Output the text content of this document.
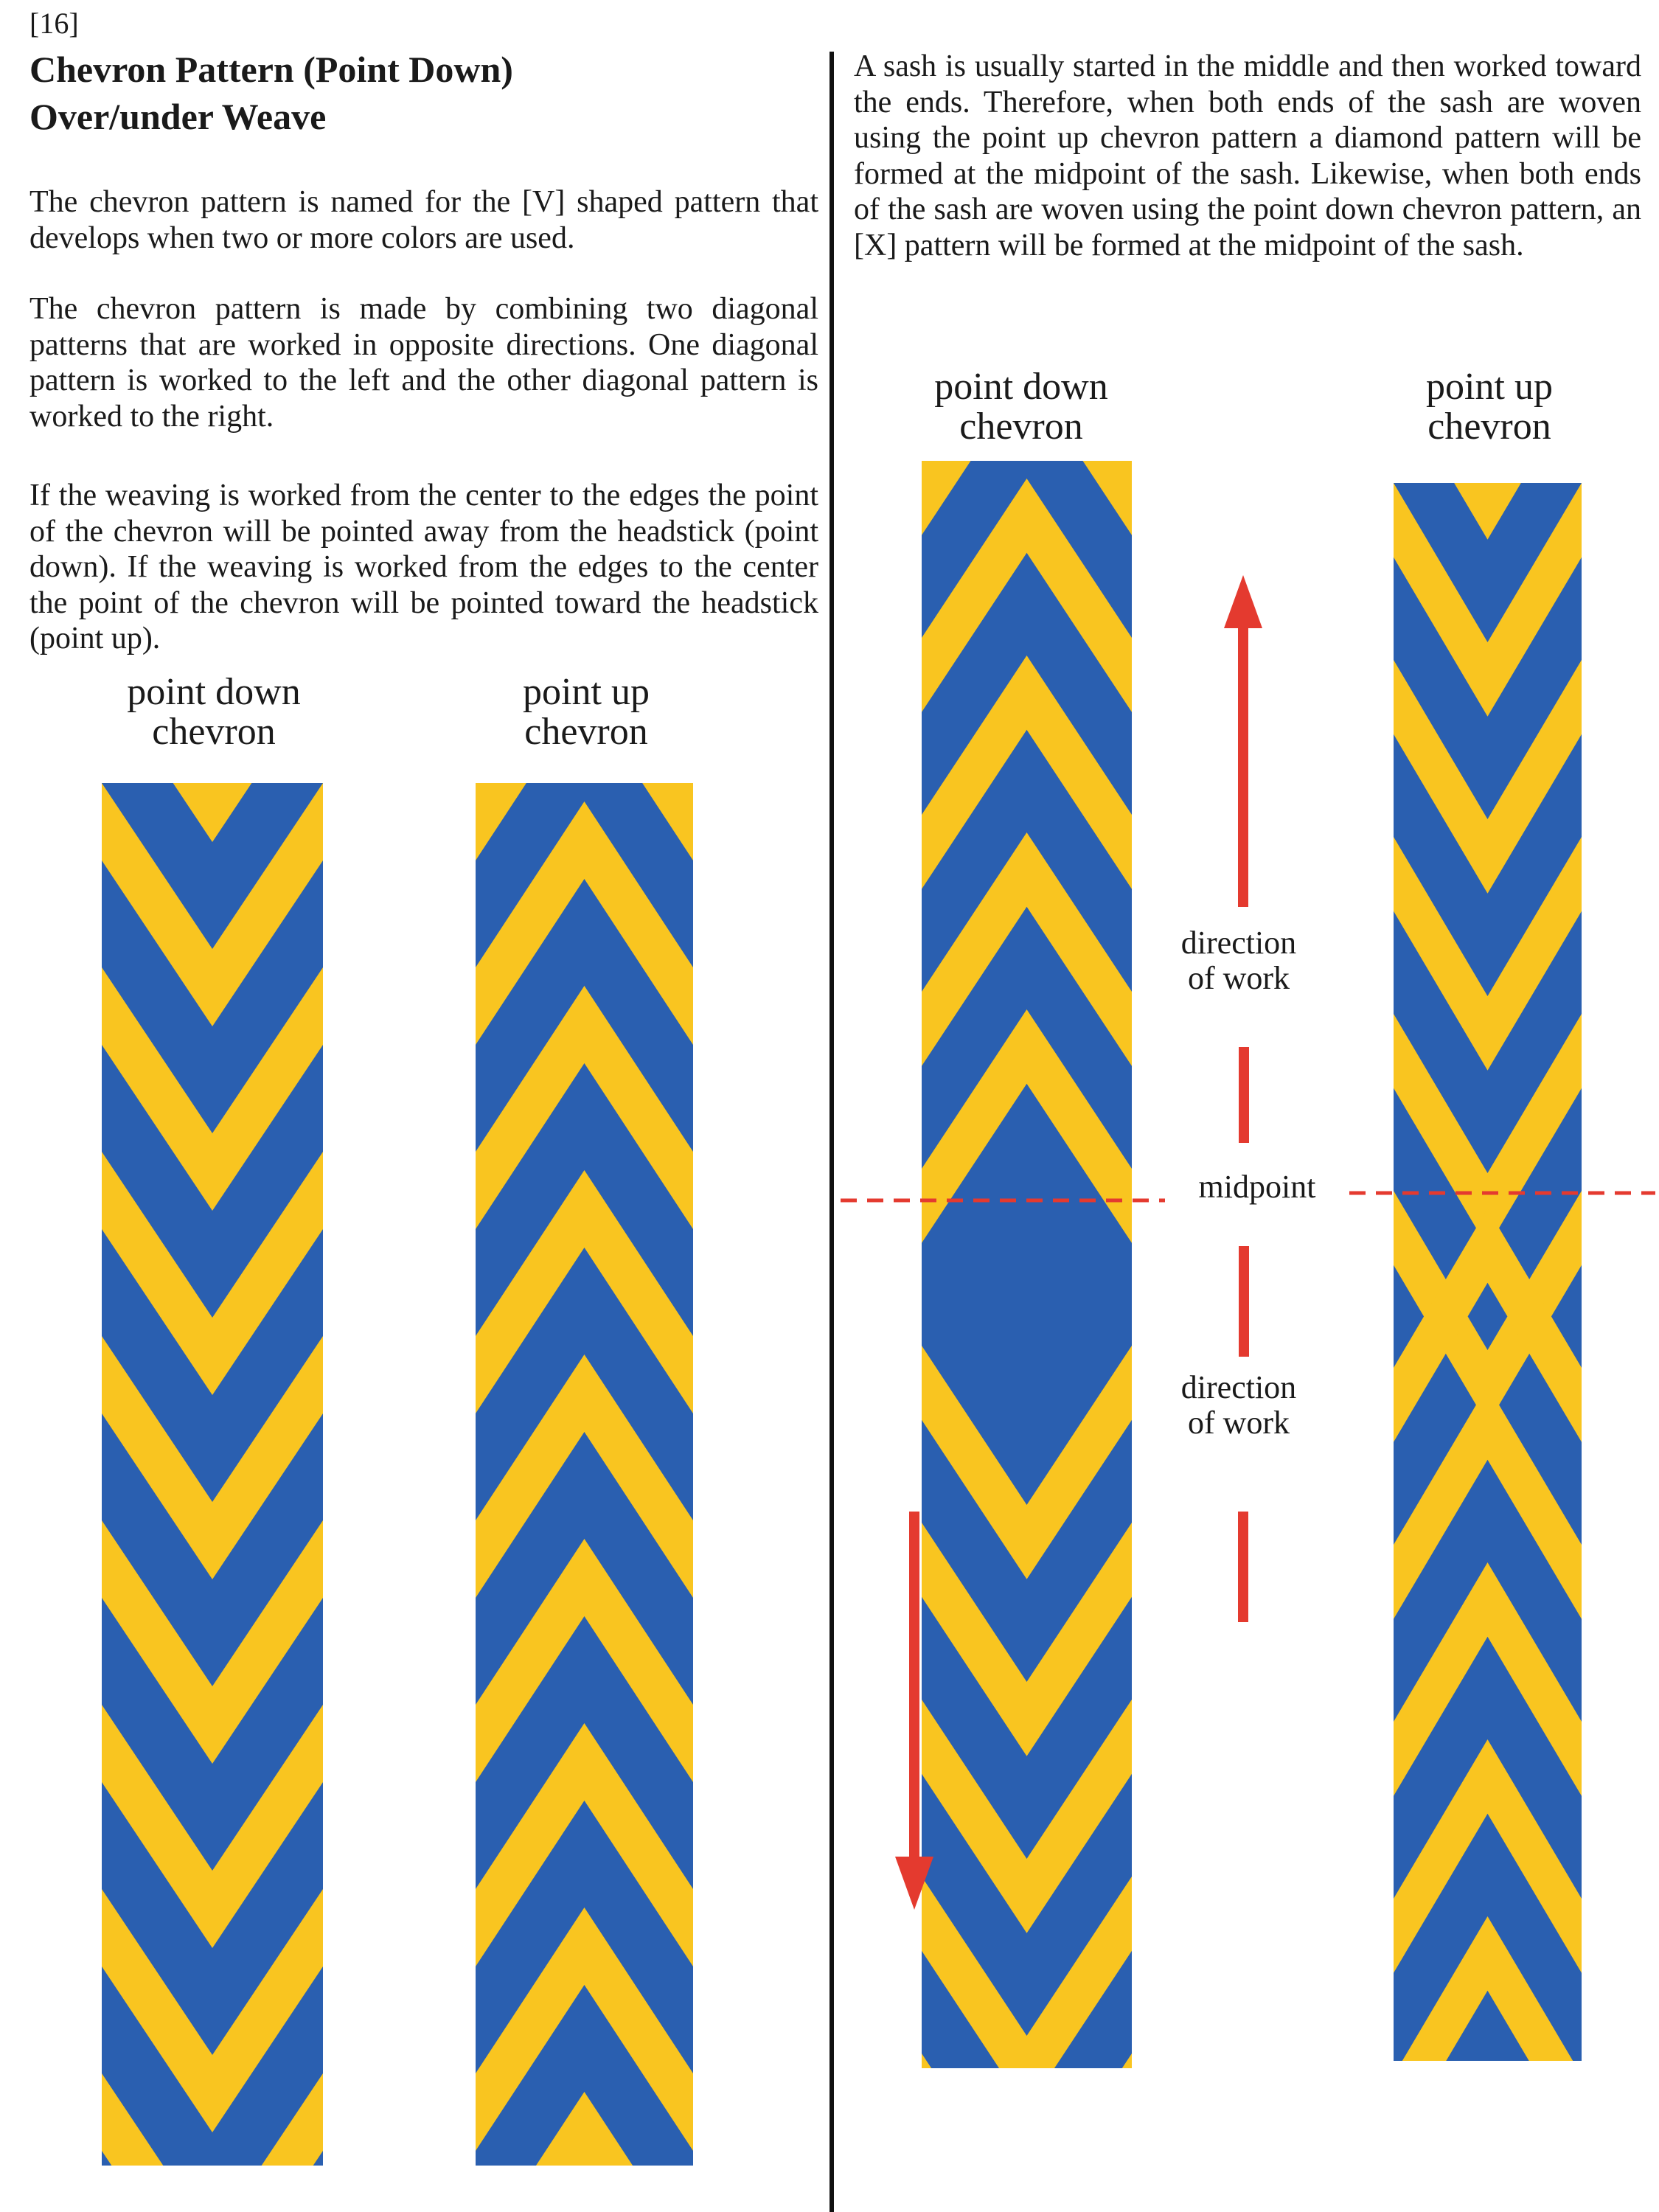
[16]
Chevron Pattern (Point Down)
Over/under Weave
The chevron pattern is named for the [V] shaped pattern that develops when two or more colors are used.
The chevron pattern is made by combining two diagonal patterns that are worked in opposite directions. One diagonal pattern is worked to the left and the other diagonal pattern is worked to the right.
If the weaving is worked from the center to the edges the point of the chevron will be pointed away from the headstick (point down). If the weaving is worked from the edges to the center the point of the chevron will be pointed toward the headstick (point up).
A sash is usually started in the middle and then worked toward the ends. Therefore, when both ends of the sash are woven using the point up chevron pattern a diamond pattern will be formed at the midpoint of the sash. Likewise, when both ends of the sash are woven using the point down chevron pattern, an [X] pattern will be formed at the midpoint of the sash.
point down
chevron
point up
chevron
point down
chevron
point up
chevron
direction
of work
midpoint
direction
of work
